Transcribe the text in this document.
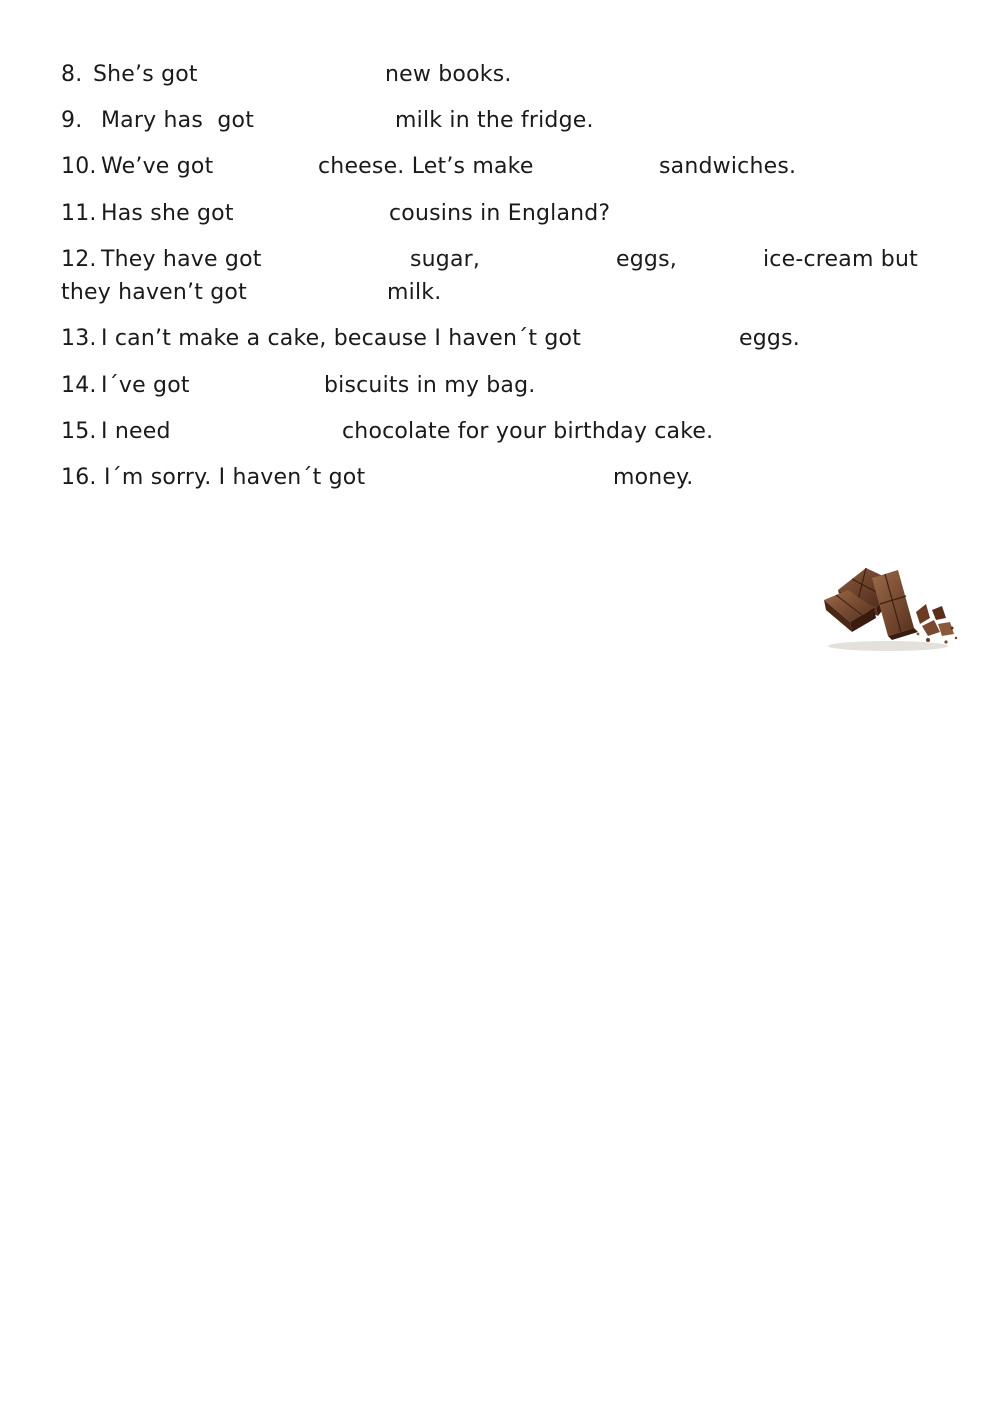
8. She’s got	new books.
9. Mary has  got	milk in the fridge.
10. We’ve got	cheese. Let’s make	sandwiches.
11. Has she got	cousins in England?
12. They have got	sugar,	eggs,	ice-cream but
they haven’t got	milk.
13. I can’t make a cake, because I haven´t got	eggs.
14. I´ve got	biscuits in my bag.
15. I need	chocolate for your birthday cake.
16. I´m sorry. I haven´t got	money.
